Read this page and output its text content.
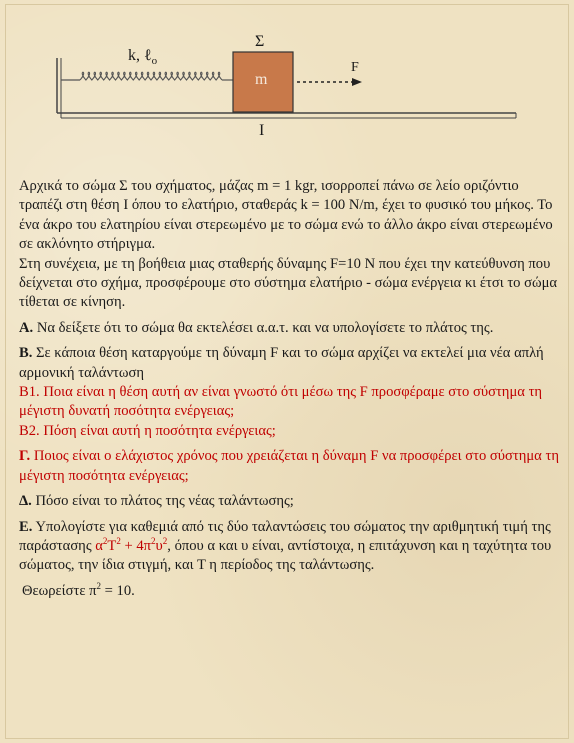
Σ
k, ℓ$_o$
m
F
Ι

Αρχικά το σώμα Σ του σχήματος, μάζας m = 1 kgr, ισορροπεί πάνω σε λείο οριζόντιο τραπέζι στη θέση Ι όπου το ελατήριο, σταθεράς k = 100 N/m, έχει το φυσικό του μήκος. Το ένα άκρο του ελατηρίου είναι στερεωμένο με το σώμα ενώ το άλλο άκρο είναι στερεωμένο σε ακλόνητο στήριγμα.

Στη συνέχεια, με τη βοήθεια μιας σταθερής δύναμης F=10 N που έχει την κατεύθυνση που δείχνεται στο σχήμα, προσφέρουμε στο σύστημα ελατήριο - σώμα ενέργεια κι έτσι το σώμα τίθεται σε κίνηση.

Α. Να δείξετε ότι το σώμα θα εκτελέσει α.α.τ. και να υπολογίσετε το πλάτος της.

Β. Σε κάποια θέση καταργούμε τη δύναμη F και το σώμα αρχίζει να εκτελεί μια νέα απλή αρμονική ταλάντωση

Β1. Ποια είναι η θέση αυτή αν είναι γνωστό ότι μέσω της F προσφέραμε στο σύστημα τη μέγιστη δυνατή ποσότητα ενέργειας;

Β2. Πόση είναι αυτή η ποσότητα ενέργειας;

Γ. Ποιος είναι ο ελάχιστος χρόνος που χρειάζεται η δύναμη F να προσφέρει στο σύστημα τη μέγιστη ποσότητα ενέργειας;

Δ. Πόσο είναι το πλάτος της νέας ταλάντωσης;

Ε. Υπολογίστε για καθεμιά από τις δύο ταλαντώσεις του σώματος την αριθμητική τιμή της παράστασης $\alpha^2T^2 + 4\pi^2\upsilon^2$, όπου α και υ είναι, αντίστοιχα, η επιτάχυνση και η ταχύτητα του σώματος, την ίδια στιγμή, και Τ η περίοδος της ταλάντωσης.

Θεωρείστε $\pi^2 = 10$.
